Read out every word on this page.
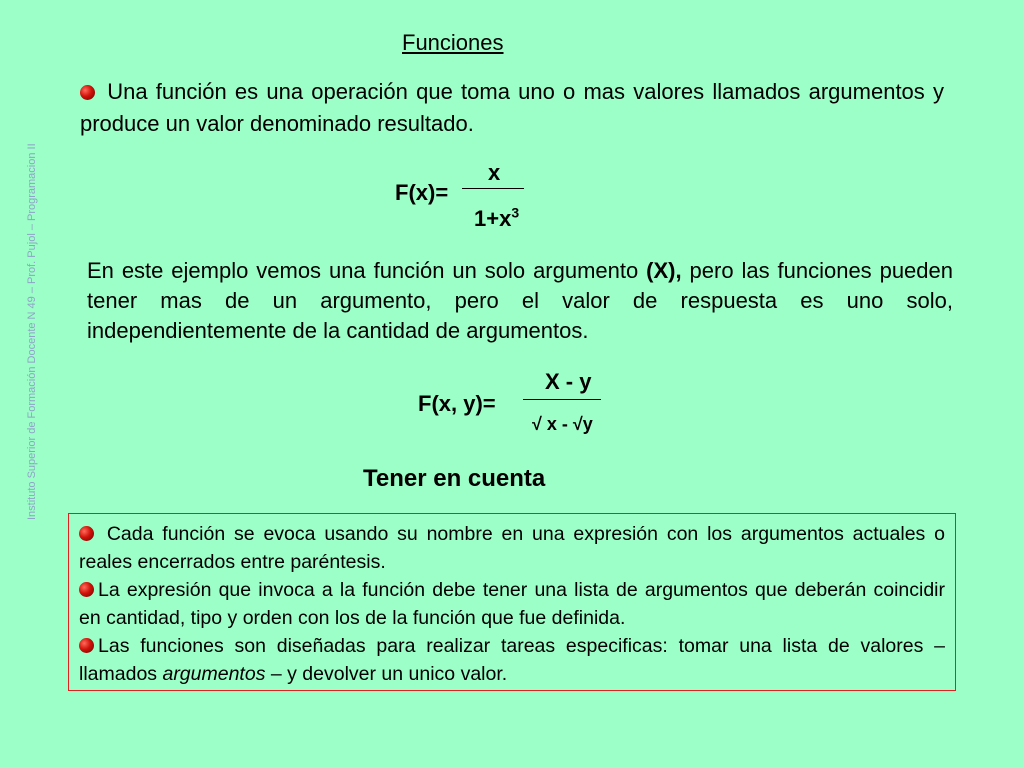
Instituto Superior de Formación Docente N 49 – Prof. Pujol – Programacion II
Funciones
Una función es una operación que toma uno o mas valores llamados argumentos y produce un valor denominado resultado.
F(x)=
x
$1+x^3$
En este ejemplo vemos una función un solo argumento (X), pero las funciones pueden tener mas de un argumento, pero el valor de respuesta es uno solo, independientemente de la cantidad de argumentos.
F(x, y)=
X - y
√ x - √y
Tener en cuenta

Cada función se evoca usando su nombre en una expresión con los argumentos actuales o reales encerrados entre paréntesis.

La expresión que invoca a la función debe tener una lista de argumentos que deberán coincidir en cantidad, tipo y orden con los de la función que fue definida.

Las funciones son diseñadas para realizar tareas especificas: tomar una lista de valores – llamados argumentos – y devolver un unico valor.
